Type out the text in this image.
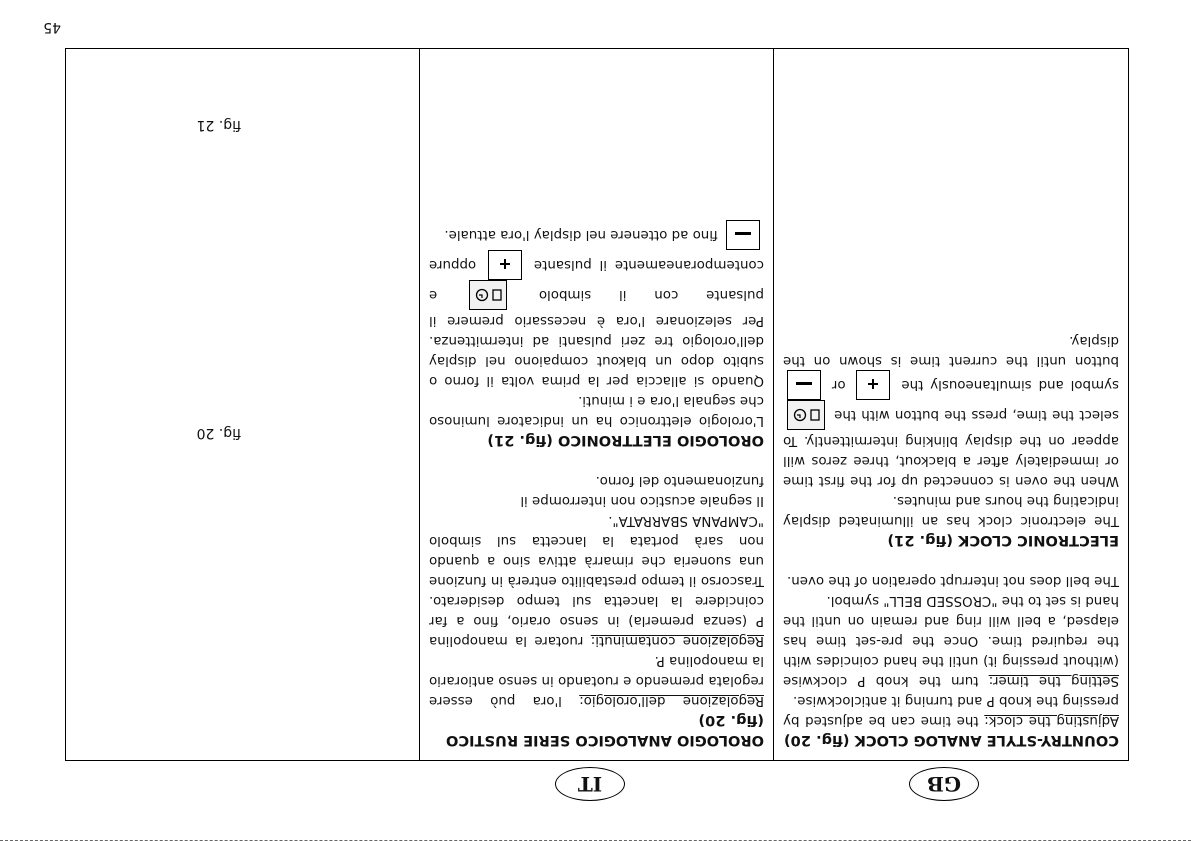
45
GB
IT
COUNTRY-STYLE ANALOG CLOCK (fig. 20)

Adjusting the clock: the time can be adjusted by pressing the knob P and turning it anticlockwise.

Setting the timer: turn the knob P clockwise (without pressing it) until the hand coincides with the required time. Once the pre-set time has elapsed, a bell will ring and remain on until the hand is set to the "CROSSED BELL" symbol.

The bell does not interrupt operation of the oven.

ELECTRONIC CLOCK (fig. 21)

The electronic clock has an illuminated display indicating the hours and minutes.

When the oven is connected up for the first time or immediately after a blackout, three zeros will appear on the display blinking intermittently. To select the time, press the button with the
symbol and simultaneously the
or
button until the current time is shown on the display.

OROLOGIO ANALOGICO SERIE RUSTICO (fig. 20)

Regolazione dell'orologio: l'ora può essere regolata premendo e ruotando in senso antiorario la manopolina P.

Regolazione contaminuti: ruotare la manopolina P (senza premerla) in senso orario, fino a far coincidere la lancetta sul tempo desiderato. Trascorso il tempo prestabilito entrerà in funzione una suoneria che rimarrà attiva sino a quando non sarà portata la lancetta sul simbolo "CAMPANA SBARRATA".

Il segnale acustico non interrompe il funzionamento del forno.

OROLOGIO ELETTRONICO (fig. 21)

L'orologio elettronico ha un indicatore luminoso che segnala l'ora e i minuti.

Quando si allaccia per la prima volta il forno o subito dopo un blakout compaiono nel display dell'orologio tre zeri pulsanti ad intermittenza. Per selezionare l'ora è necessario premere il pulsante con il simbolo
e contemporaneamente il pulsante
oppure
fino ad ottenere nel display l'ora attuale.

fig. 20
fig. 21
